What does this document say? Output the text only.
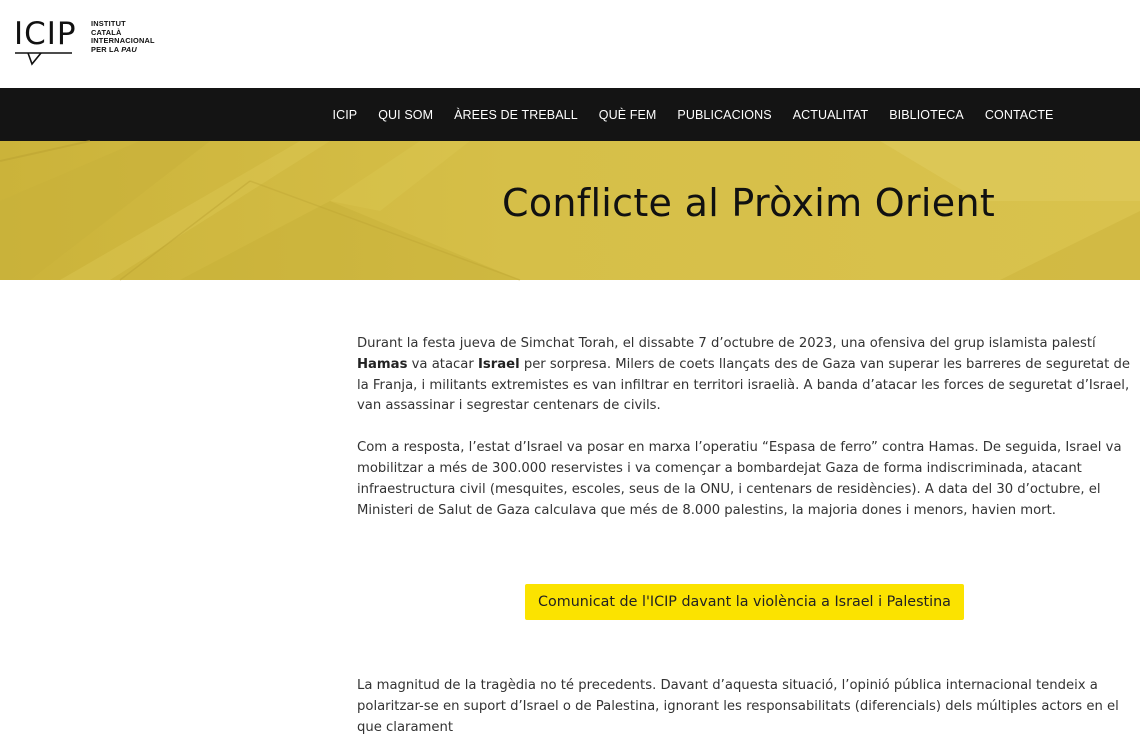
ICIP INSTITUT
CATALÀ
INTERNACIONAL
PER LA PAU
ICIP	QUI SOM	ÀREES DE TREBALL	QUÈ FEM	PUBLICACIONS	ACTUALITAT	BIBLIOTECA	CONTACTE
Conflicte al Pròxim Orient

Durant la festa jueva de Simchat Torah, el dissabte 7 d’octubre de 2023, una ofensiva del grup islamista palestí Hamas va atacar Israel per sorpresa. Milers de coets llançats des de Gaza van superar les barreres de seguretat de la Franja, i militants extremistes es van infiltrar en territori israelià. A banda d’atacar les forces de seguretat d’Israel, van assassinar i segrestar centenars de civils.

Com a resposta, l’estat d’Israel va posar en marxa l’operatiu “Espasa de ferro” contra Hamas. De seguida, Israel va mobilitzar a més de 300.000 reservistes i va començar a bombardejat Gaza de forma indiscriminada, atacant infraestructura civil (mesquites, escoles, seus de la ONU, i centenars de residències). A data del 30 d’octubre, el Ministeri de Salut de Gaza calculava que més de 8.000 palestins, la majoria dones i menors, havien mort.

Comunicat de l'ICIP davant la violència a Israel i Palestina

La magnitud de la tragèdia no té precedents. Davant d’aquesta situació, l’opinió pública internacional tendeix a polaritzar-se en suport d’Israel o de Palestina, ignorant les responsabilitats (diferencials) dels múltiples actors en el que clarament
